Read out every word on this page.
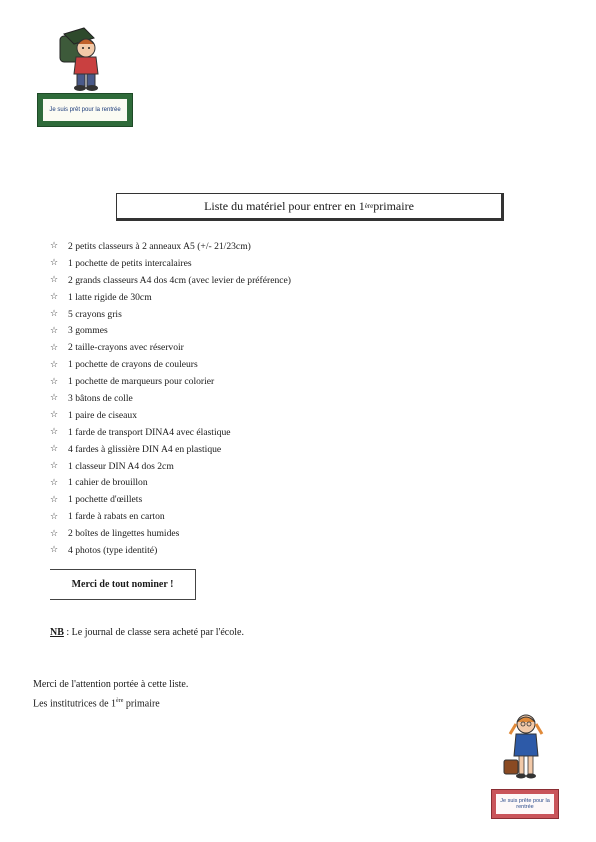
Je suis prêt pour la rentrée
Liste du matériel pour entrer en 1 ère primaire
☆	2 petits classeurs à 2 anneaux A5 (+/- 21/23cm)
☆	1 pochette de petits intercalaires
☆	2 grands classeurs A4 dos 4cm (avec levier de préférence)
☆	1 latte rigide de 30cm
☆	5 crayons gris
☆	3 gommes
☆	2 taille-crayons avec réservoir
☆	1 pochette de crayons de couleurs
☆	1 pochette de marqueurs pour colorier
☆	3 bâtons de colle
☆	1 paire de ciseaux
☆	1 farde de transport DINA4 avec élastique
☆	4 fardes à glissière DIN A4 en plastique
☆	1 classeur DIN A4 dos 2cm
☆	1 cahier de brouillon
☆	1 pochette d'œillets
☆	1 farde à rabats en carton
☆	2 boîtes de lingettes humides
☆	4 photos (type identité)
Merci de tout nominer !
NB : Le journal de classe sera acheté par l'école.
Merci de l'attention portée à cette liste.
Les institutrices de 1ère primaire
Je suis prête pour la rentrée
